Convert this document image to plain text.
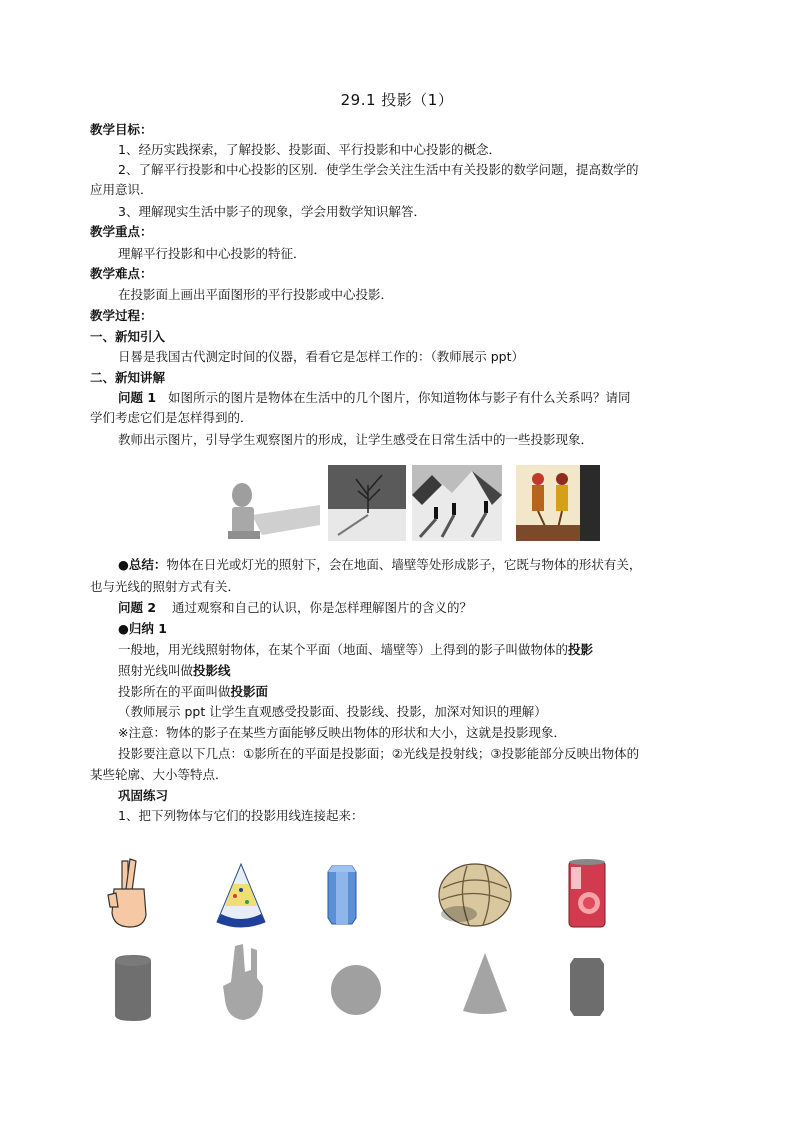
29.1 投影（1）
教学目标：
1、经历实践探索，了解投影、投影面、平行投影和中心投影的概念．
2、了解平行投影和中心投影的区别．使学生学会关注生活中有关投影的数学问题，提高数学的
应用意识．
3、理解现实生活中影子的现象，学会用数学知识解答．
教学重点：
理解平行投影和中心投影的特征．
教学难点：
在投影面上画出平面图形的平行投影或中心投影．
教学过程：
一、新知引入
日晷是我国古代测定时间的仪器，看看它是怎样工作的：（教师展示 ppt）
二、新知讲解
问题 1 如图所示的图片是物体在生活中的几个图片，你知道物体与影子有什么关系吗？请同
学们考虑它们是怎样得到的．
教师出示图片，引导学生观察图片的形成，让学生感受在日常生活中的一些投影现象．
●总结：物体在日光或灯光的照射下，会在地面、墙壁等处形成影子，它既与物体的形状有关，
也与光线的照射方式有关．
问题 2 通过观察和自己的认识，你是怎样理解图片的含义的？
●归纳 1
一般地，用光线照射物体，在某个平面（地面、墙壁等）上得到的影子叫做物体的投影
照射光线叫做投影线
投影所在的平面叫做投影面
（教师展示 ppt 让学生直观感受投影面、投影线、投影，加深对知识的理解）
※注意：物体的影子在某些方面能够反映出物体的形状和大小，这就是投影现象．
投影要注意以下几点：①影所在的平面是投影面；②光线是投射线；③投影能部分反映出物体的
某些轮廓、大小等特点．
巩固练习
1、把下列物体与它们的投影用线连接起来：
